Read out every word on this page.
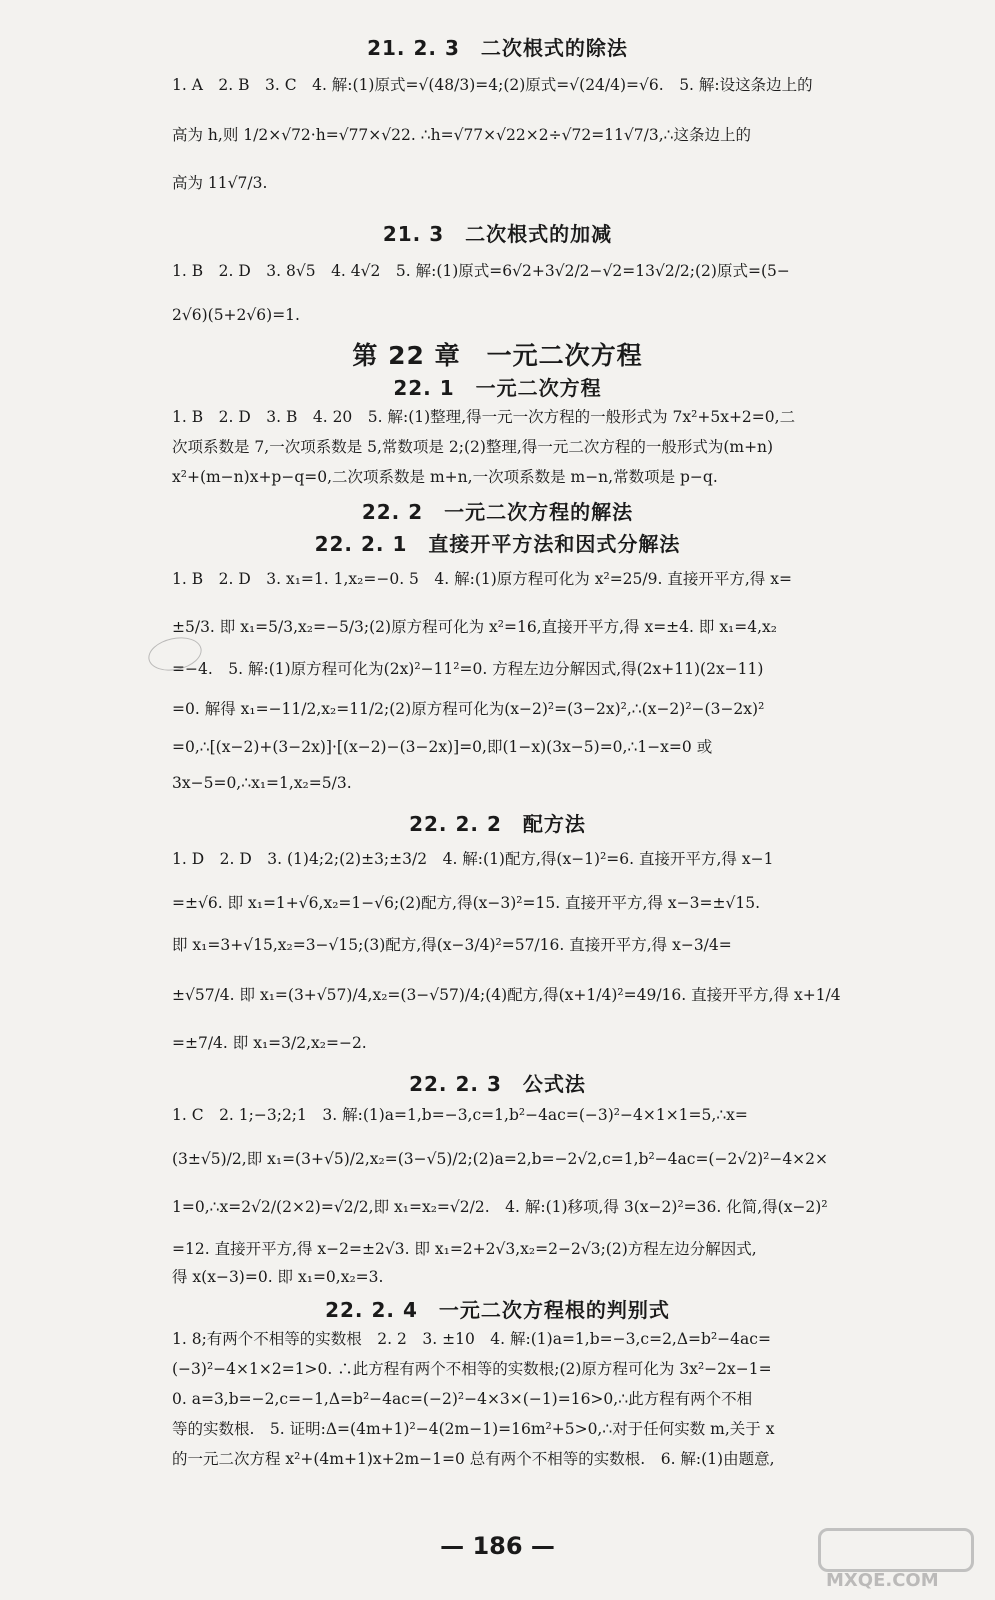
21. 2. 3　二次根式的除法
1. A　2. B　3. C　4. 解:(1)原式=√(48/3)=4;(2)原式=√(24/4)=√6.　5. 解:设这条边上的
高为 h,则 1/2×√72·h=√77×√22. ∴h=√77×√22×2÷√72=11√7/3,∴这条边上的
高为 11√7/3.
21. 3　二次根式的加减
1. B　2. D　3. 8√5　4. 4√2　5. 解:(1)原式=6√2+3√2/2−√2=13√2/2;(2)原式=(5−
2√6)(5+2√6)=1.
第 22 章　一元二次方程
22. 1　一元二次方程
1. B　2. D　3. B　4. 20　5. 解:(1)整理,得一元一次方程的一般形式为 7x²+5x+2=0,二
次项系数是 7,一次项系数是 5,常数项是 2;(2)整理,得一元二次方程的一般形式为(m+n)
x²+(m−n)x+p−q=0,二次项系数是 m+n,一次项系数是 m−n,常数项是 p−q.
22. 2　一元二次方程的解法
22. 2. 1　直接开平方法和因式分解法
1. B　2. D　3. x₁=1. 1,x₂=−0. 5　4. 解:(1)原方程可化为 x²=25/9. 直接开平方,得 x=
±5/3. 即 x₁=5/3,x₂=−5/3;(2)原方程可化为 x²=16,直接开平方,得 x=±4. 即 x₁=4,x₂
=−4.　5. 解:(1)原方程可化为(2x)²−11²=0. 方程左边分解因式,得(2x+11)(2x−11)
=0. 解得 x₁=−11/2,x₂=11/2;(2)原方程可化为(x−2)²=(3−2x)²,∴(x−2)²−(3−2x)²
=0,∴[(x−2)+(3−2x)]·[(x−2)−(3−2x)]=0,即(1−x)(3x−5)=0,∴1−x=0 或
3x−5=0,∴x₁=1,x₂=5/3.
22. 2. 2　配方法
1. D　2. D　3. (1)4;2;(2)±3;±3/2　4. 解:(1)配方,得(x−1)²=6. 直接开平方,得 x−1
=±√6. 即 x₁=1+√6,x₂=1−√6;(2)配方,得(x−3)²=15. 直接开平方,得 x−3=±√15.
即 x₁=3+√15,x₂=3−√15;(3)配方,得(x−3/4)²=57/16. 直接开平方,得 x−3/4=
±√57/4. 即 x₁=(3+√57)/4,x₂=(3−√57)/4;(4)配方,得(x+1/4)²=49/16. 直接开平方,得 x+1/4
=±7/4. 即 x₁=3/2,x₂=−2.
22. 2. 3　公式法
1. C　2. 1;−3;2;1　3. 解:(1)a=1,b=−3,c=1,b²−4ac=(−3)²−4×1×1=5,∴x=
(3±√5)/2,即 x₁=(3+√5)/2,x₂=(3−√5)/2;(2)a=2,b=−2√2,c=1,b²−4ac=(−2√2)²−4×2×
1=0,∴x=2√2/(2×2)=√2/2,即 x₁=x₂=√2/2.　4. 解:(1)移项,得 3(x−2)²=36. 化简,得(x−2)²
=12. 直接开平方,得 x−2=±2√3. 即 x₁=2+2√3,x₂=2−2√3;(2)方程左边分解因式,
得 x(x−3)=0. 即 x₁=0,x₂=3.
22. 2. 4　一元二次方程根的判别式
1. 8;有两个不相等的实数根　2. 2　3. ±10　4. 解:(1)a=1,b=−3,c=2,Δ=b²−4ac=
(−3)²−4×1×2=1>0. ∴此方程有两个不相等的实数根;(2)原方程可化为 3x²−2x−1=
0. a=3,b=−2,c=−1,Δ=b²−4ac=(−2)²−4×3×(−1)=16>0,∴此方程有两个不相
等的实数根.　5. 证明:Δ=(4m+1)²−4(2m−1)=16m²+5>0,∴对于任何实数 m,关于 x
的一元二次方程 x²+(4m+1)x+2m−1=0 总有两个不相等的实数根.　6. 解:(1)由题意,
— 186 —
MXQE.COM
